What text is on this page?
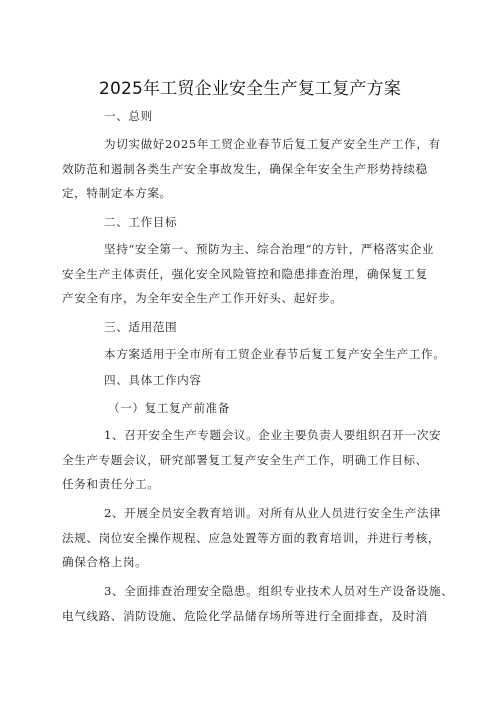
2025年工贸企业安全生产复工复产方案
一、总则
为切实做好2025年工贸企业春节后复工复产安全生产工作，有
效防范和遏制各类生产安全事故发生，确保全年安全生产形势持续稳
定，特制定本方案。
二、工作目标
坚持“安全第一、预防为主、综合治理”的方针，严格落实企业
安全生产主体责任，强化安全风险管控和隐患排查治理，确保复工复
产安全有序，为全年安全生产工作开好头、起好步。
三、适用范围
本方案适用于全市所有工贸企业春节后复工复产安全生产工作。
四、具体工作内容
（一）复工复产前准备
1、召开安全生产专题会议。企业主要负责人要组织召开一次安
全生产专题会议，研究部署复工复产安全生产工作，明确工作目标、
任务和责任分工。
2、开展全员安全教育培训。对所有从业人员进行安全生产法律
法规、岗位安全操作规程、应急处置等方面的教育培训，并进行考核，
确保合格上岗。
3、全面排查治理安全隐患。组织专业技术人员对生产设备设施、
电气线路、消防设施、危险化学品储存场所等进行全面排查，及时消
